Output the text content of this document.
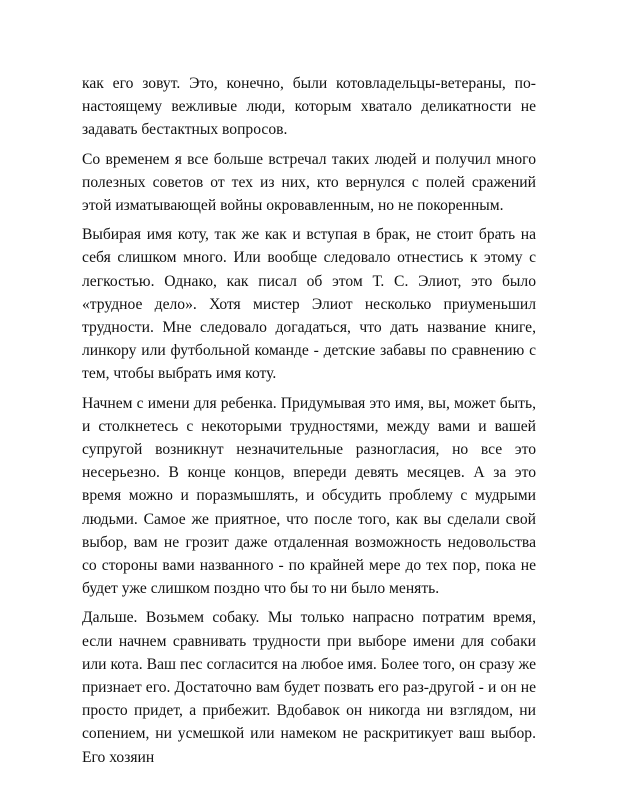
как его зовут. Это, конечно, были котовладельцы-ветераны, по-настоящему вежливые люди, которым хватало деликатности не задавать бестактных вопросов.

Со временем я все больше встречал таких людей и получил много полезных советов от тех из них, кто вернулся с полей сражений этой изматывающей войны окровавленным, но не покоренным.

Выбирая имя коту, так же как и вступая в брак, не стоит брать на себя слишком много. Или вообще следовало отнестись к этому с легкостью. Однако, как писал об этом Т. С. Элиот, это было «трудное дело». Хотя мистер Элиот несколько приуменьшил трудности. Мне следовало догадаться, что дать название книге, линкору или футбольной команде - детские забавы по сравнению с тем, чтобы выбрать имя коту.

Начнем с имени для ребенка. Придумывая это имя, вы, может быть, и столкнетесь с некоторыми трудностями, между вами и вашей супругой возникнут незначительные разногласия, но все это несерьезно. В конце концов, впереди девять месяцев. А за это время можно и поразмышлять, и обсудить проблему с мудрыми людьми. Самое же приятное, что после того, как вы сделали свой выбор, вам не грозит даже отдаленная возможность недовольства со стороны вами названного - по крайней мере до тех пор, пока не будет уже слишком поздно что бы то ни было менять.

Дальше. Возьмем собаку. Мы только напрасно потратим время, если начнем сравнивать трудности при выборе имени для собаки или кота. Ваш пес согласится на любое имя. Более того, он сразу же признает его. Достаточно вам будет позвать его раз-другой - и он не просто придет, а прибежит. Вдобавок он никогда ни взглядом, ни сопением, ни усмешкой или намеком не раскритикует ваш выбор. Его хозяин
